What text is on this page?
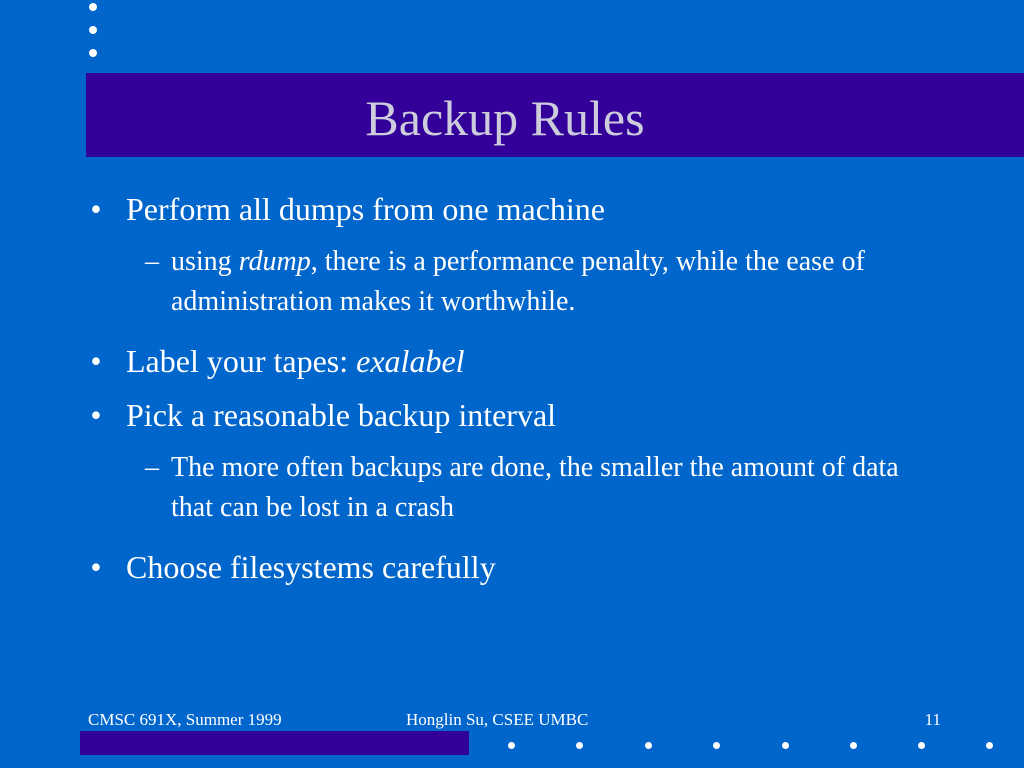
Backup Rules

• Perform all dumps from one machine

– using rdump, there is a performance penalty, while the ease of administration makes it worthwhile.

• Label your tapes: exalabel

• Pick a reasonable backup interval

– The more often backups are done, the smaller the amount of data that can be lost in a crash

• Choose filesystems carefully

CMSC 691X, Summer 1999	Honglin Su, CSEE UMBC	11
